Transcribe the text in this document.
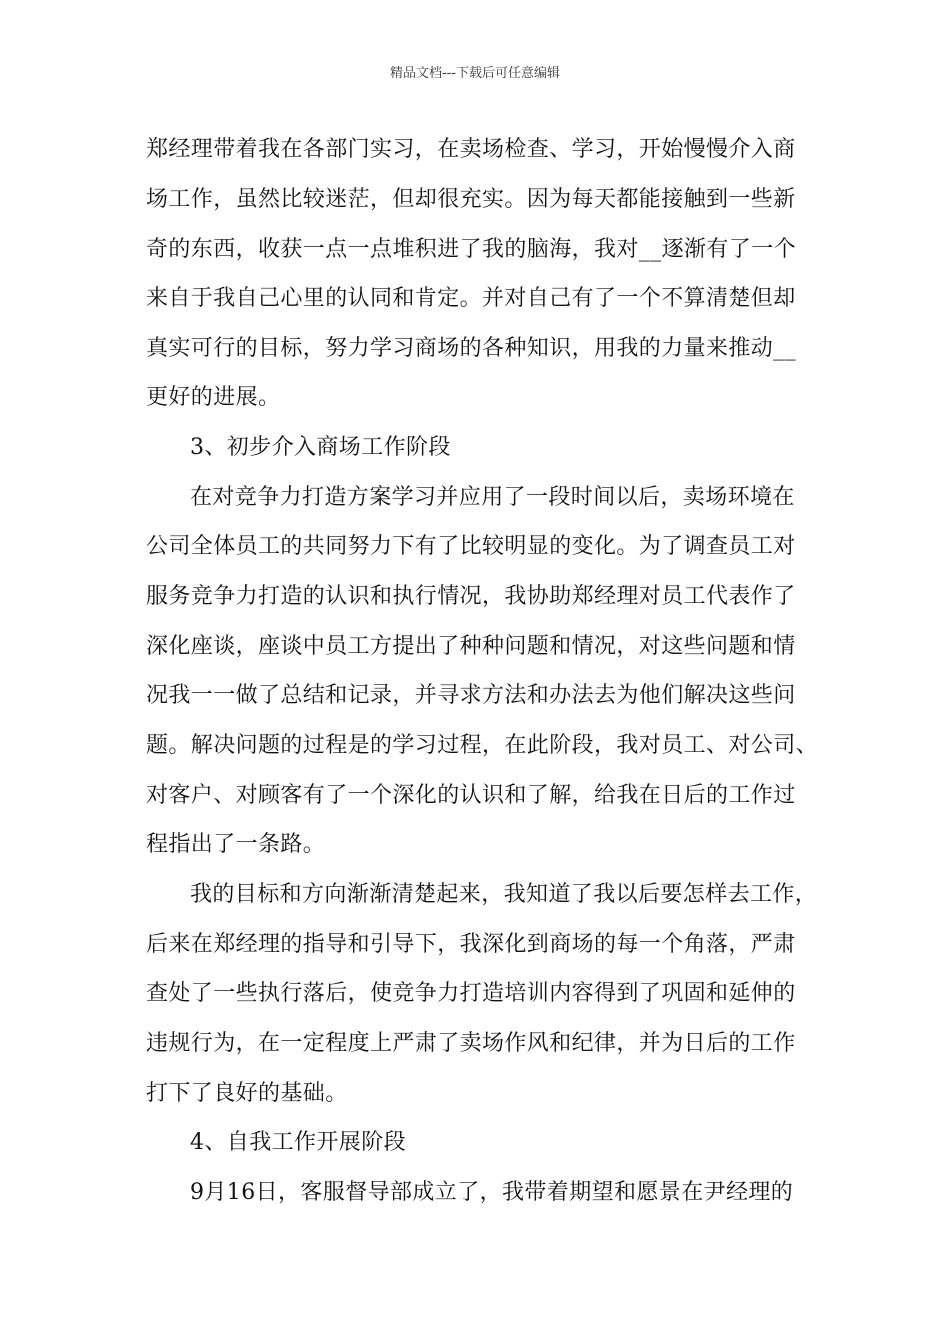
精品文档---下载后可任意编辑
郑经理带着我在各部门实习，在卖场检查、学习，开始慢慢介入商
场工作，虽然比较迷茫，但却很充实。因为每天都能接触到一些新
奇的东西，收获一点一点堆积进了我的脑海，我对__逐渐有了一个
来自于我自己心里的认同和肯定。并对自己有了一个不算清楚但却
真实可行的目标，努力学习商场的各种知识，用我的力量来推动__
更好的进展。
3、初步介入商场工作阶段
在对竞争力打造方案学习并应用了一段时间以后，卖场环境在
公司全体员工的共同努力下有了比较明显的变化。为了调查员工对
服务竞争力打造的认识和执行情况，我协助郑经理对员工代表作了
深化座谈，座谈中员工方提出了种种问题和情况，对这些问题和情
况我一一做了总结和记录，并寻求方法和办法去为他们解决这些问
题。解决问题的过程是的学习过程，在此阶段，我对员工、对公司、
对客户、对顾客有了一个深化的认识和了解，给我在日后的工作过
程指出了一条路。
我的目标和方向渐渐清楚起来，我知道了我以后要怎样去工作，
后来在郑经理的指导和引导下，我深化到商场的每一个角落，严肃
查处了一些执行落后，使竞争力打造培训内容得到了巩固和延伸的
违规行为，在一定程度上严肃了卖场作风和纪律，并为日后的工作
打下了良好的基础。
4、自我工作开展阶段
9月16日，客服督导部成立了，我带着期望和愿景在尹经理的
